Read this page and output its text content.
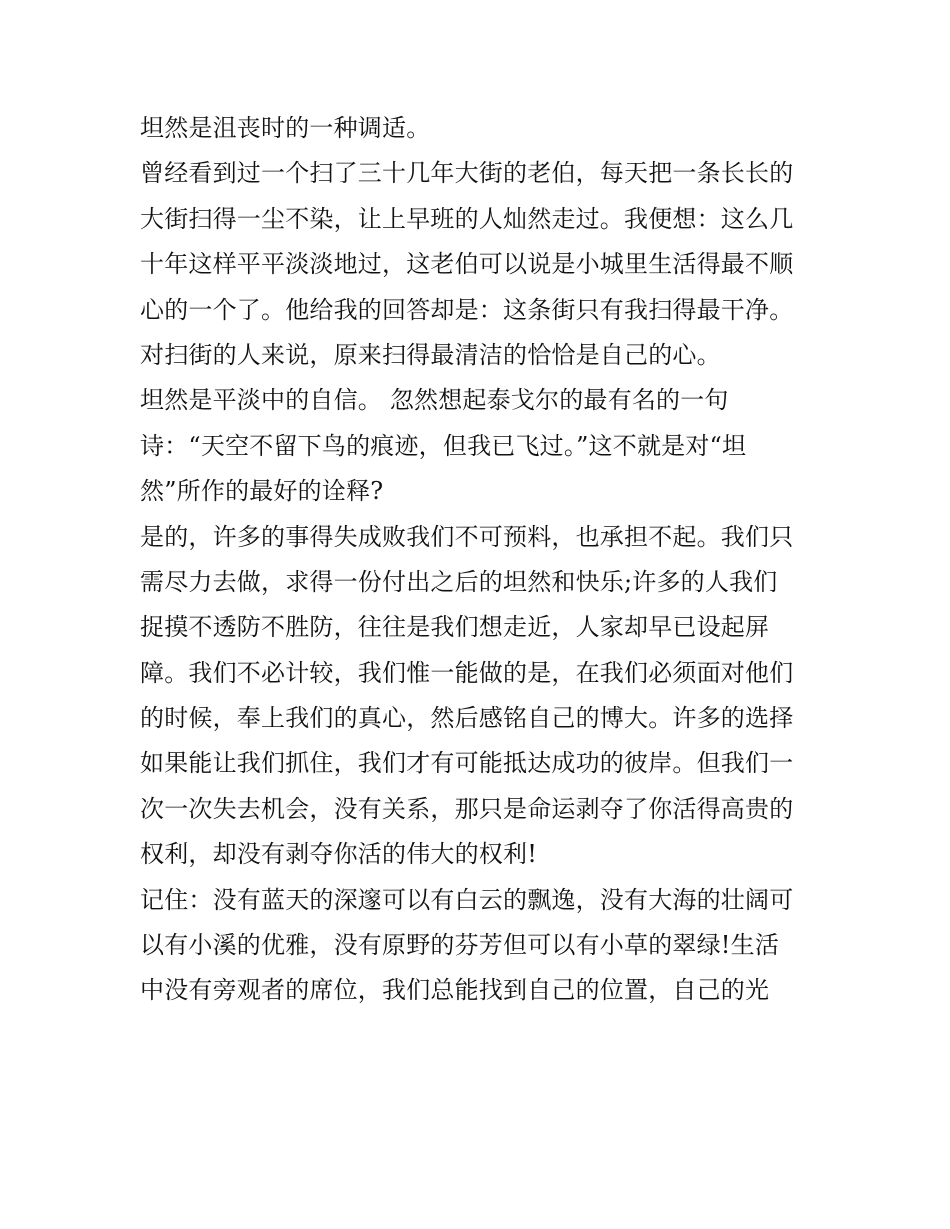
坦然是沮丧时的一种调适。
曾经看到过一个扫了三十几年大街的老伯，每天把一条长长的
大街扫得一尘不染，让上早班的人灿然走过。我便想：这么几
十年这样平平淡淡地过，这老伯可以说是小城里生活得最不顺
心的一个了。他给我的回答却是：这条街只有我扫得最干净。
对扫街的人来说，原来扫得最清洁的恰恰是自己的心。
坦然是平淡中的自信。 忽然想起泰戈尔的最有名的一句
诗：“天空不留下鸟的痕迹，但我已飞过。”这不就是对“坦
然”所作的最好的诠释?
是的，许多的事得失成败我们不可预料，也承担不起。我们只
需尽力去做，求得一份付出之后的坦然和快乐;许多的人我们
捉摸不透防不胜防，往往是我们想走近，人家却早已设起屏
障。我们不必计较，我们惟一能做的是，在我们必须面对他们
的时候，奉上我们的真心，然后感铭自己的博大。许多的选择
如果能让我们抓住，我们才有可能抵达成功的彼岸。但我们一
次一次失去机会，没有关系，那只是命运剥夺了你活得高贵的
权利，却没有剥夺你活的伟大的权利!
记住：没有蓝天的深邃可以有白云的飘逸，没有大海的壮阔可
以有小溪的优雅，没有原野的芬芳但可以有小草的翠绿!生活
中没有旁观者的席位，我们总能找到自己的位置，自己的光
